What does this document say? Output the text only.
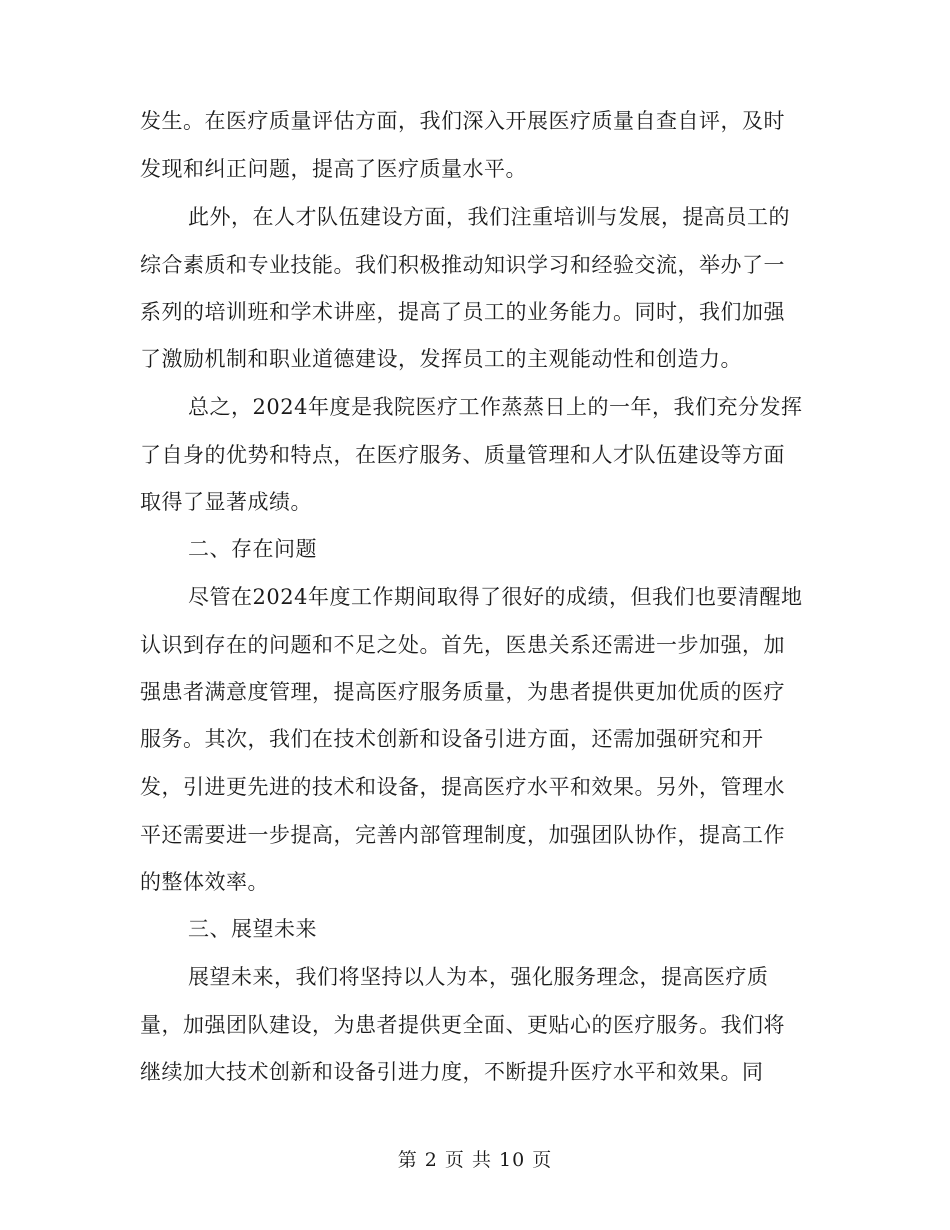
发生。在医疗质量评估方面，我们深入开展医疗质量自查自评，及时
发现和纠正问题，提高了医疗质量水平。
此外，在人才队伍建设方面，我们注重培训与发展，提高员工的
综合素质和专业技能。我们积极推动知识学习和经验交流，举办了一
系列的培训班和学术讲座，提高了员工的业务能力。同时，我们加强
了激励机制和职业道德建设，发挥员工的主观能动性和创造力。
总之，2024年度是我院医疗工作蒸蒸日上的一年，我们充分发挥
了自身的优势和特点，在医疗服务、质量管理和人才队伍建设等方面
取得了显著成绩。
二、存在问题
尽管在2024年度工作期间取得了很好的成绩，但我们也要清醒地
认识到存在的问题和不足之处。首先，医患关系还需进一步加强，加
强患者满意度管理，提高医疗服务质量，为患者提供更加优质的医疗
服务。其次，我们在技术创新和设备引进方面，还需加强研究和开
发，引进更先进的技术和设备，提高医疗水平和效果。另外，管理水
平还需要进一步提高，完善内部管理制度，加强团队协作，提高工作
的整体效率。
三、展望未来
展望未来，我们将坚持以人为本，强化服务理念，提高医疗质
量，加强团队建设，为患者提供更全面、更贴心的医疗服务。我们将
继续加大技术创新和设备引进力度，不断提升医疗水平和效果。同
第 2 页 共 10 页
